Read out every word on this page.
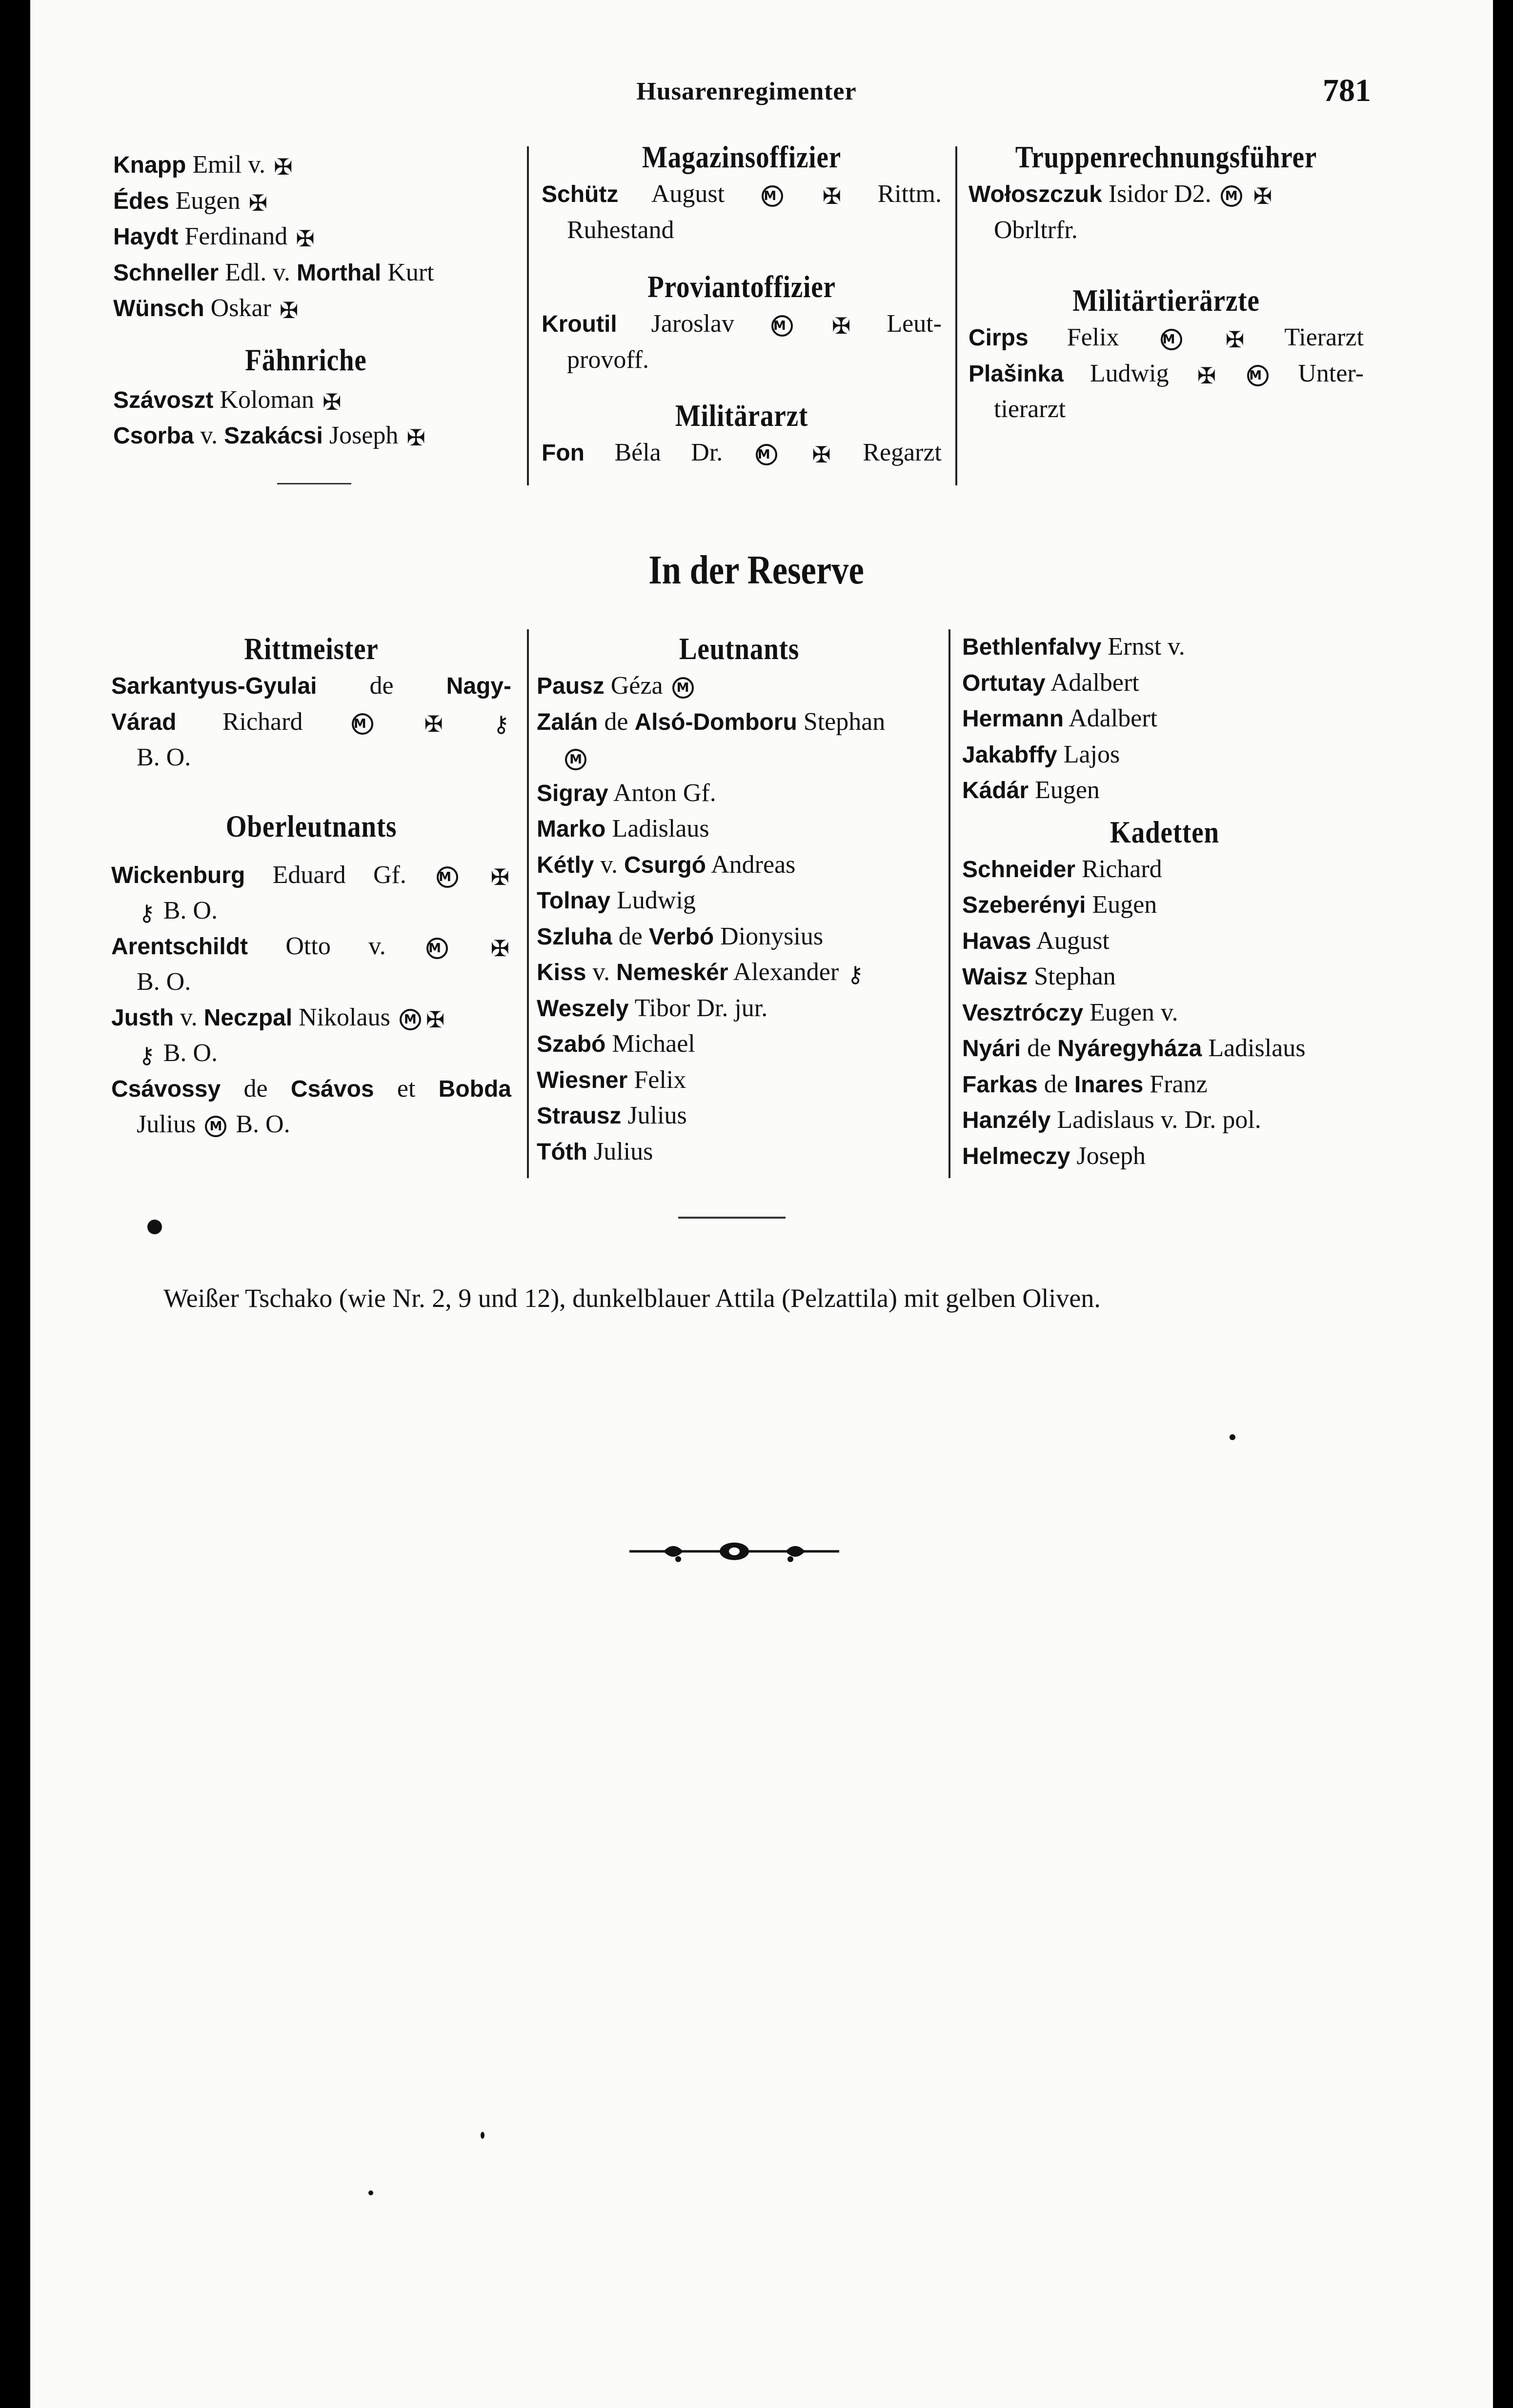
Husarenregimenter	781
Knapp Emil v. ✠
Édes Eugen ✠
Haydt Ferdinand ✠
Schneller Edl. v. Morthal Kurt
Wünsch Oskar ✠
Fähnriche
Szávoszt Koloman ✠
Csorba v. Szakácsi Joseph ✠
Magazinsoffizier
Schütz August	M ✠ Rittm.
Ruhestand
Proviantoffizier
Kroutil Jaroslav	M ✠ Leut-
provoff.
Militärarzt
Fon Béla Dr.	M ✠ Regarzt
Truppenrechnungsführer
Wołoszczuk Isidor D2. M ✠
Obrltrfr.
Militärtierärzte
Cirps Felix	M ✠ Tierarzt
Plašinka Ludwig ✠	M Unter-
tierarzt
In der Reserve
Rittmeister
Sarkantyus-Gyulai de Nagy-
Várad Richard	M	✠ ⚷
B. O.
Oberleutnants
Wickenburg Eduard Gf.	M ✠
⚷ B. O.
Arentschildt Otto v.	M ✠
B. O.
Justh v. Neczpal Nikolaus M ✠
⚷ B. O.
Csávossy de Csávos et Bobda
Julius M B. O.
Leutnants
Pausz Géza M
Zalán de Alsó-Domboru Stephan
M
Sigray Anton Gf.
Marko Ladislaus
Kétly v. Csurgó Andreas
Tolnay Ludwig
Szluha de Verbó Dionysius
Kiss v. Nemeskér Alexander ⚷
Weszely Tibor Dr. jur.
Szabó Michael
Wiesner Felix
Strausz Julius
Tóth Julius
Bethlenfalvy Ernst v.
Ortutay Adalbert
Hermann Adalbert
Jakabffy Lajos
Kádár Eugen
Kadetten
Schneider Richard
Szeberényi Eugen
Havas August
Waisz Stephan
Vesztróczy Eugen v.
Nyári de Nyáregyháza Ladislaus
Farkas de Inares Franz
Hanzély Ladislaus v. Dr. pol.
Helmeczy Joseph
Weißer Tschako (wie Nr. 2, 9 und 12), dunkelblauer Attila (Pelzattila) mit gelben Oliven.
